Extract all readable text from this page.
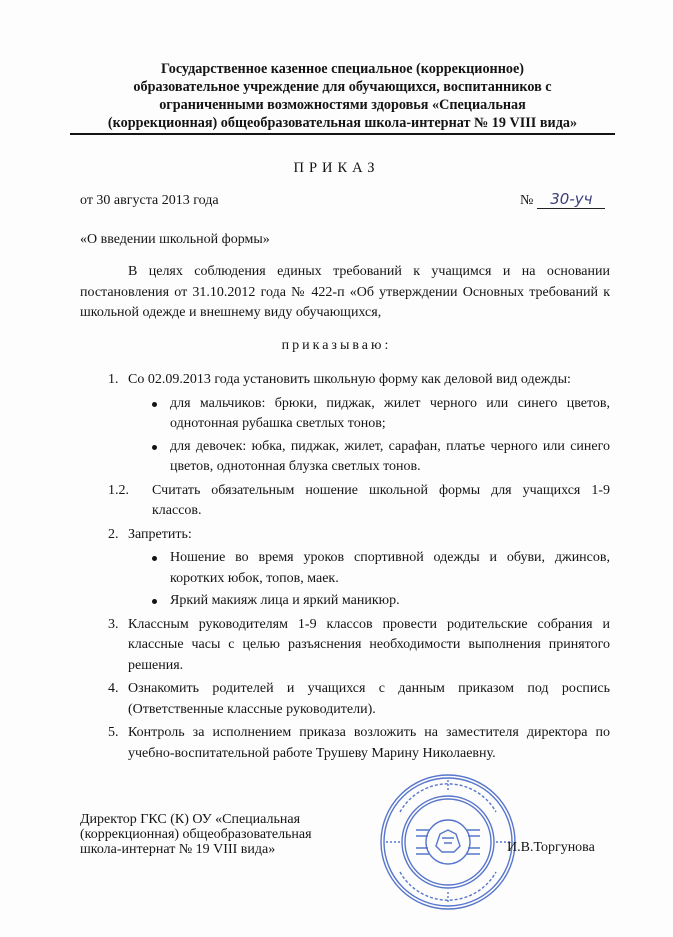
Государственное казенное специальное (коррекционное)
образовательное учреждение для обучающихся, воспитанников с
ограниченными возможностями здоровья «Специальная
(коррекционная) общеобразовательная школа-интернат № 19 VIII вида»
ПРИКАЗ
от 30 августа 2013 года	№	30-уч
«О введении школьной формы»
В целях соблюдения единых требований к учащимся и на основании постановления от 31.10.2012 года № 422-п «Об утверждении Основных требований к школьной одежде и внешнему виду обучающихся,
приказываю:
1. Со 02.09.2013 года установить школьную форму как деловой вид одежды:
для мальчиков: брюки, пиджак, жилет черного или синего цветов, однотонная рубашка светлых тонов;
для девочек: юбка, пиджак, жилет, сарафан, платье черного или синего цветов, однотонная блузка светлых тонов.
1.2. Считать обязательным ношение школьной формы для учащихся 1-9 классов.
2. Запретить:
Ношение во время уроков спортивной одежды и обуви, джинсов, коротких юбок, топов, маек.
Яркий макияж лица и яркий маникюр.
3. Классным руководителям 1-9 классов провести родительские собрания и классные часы с целью разъяснения необходимости выполнения принятого решения.
4. Ознакомить родителей и учащихся с данным приказом под роспись (Ответственные классные руководители).
5. Контроль за исполнением приказа возложить на заместителя директора по учебно-воспитательной работе Трушеву Марину Николаевну.
Директор ГКС (К) ОУ «Специальная
(коррекционная) общеобразовательная
школа-интернат № 19 VIII вида»	И.В.Торгунова
